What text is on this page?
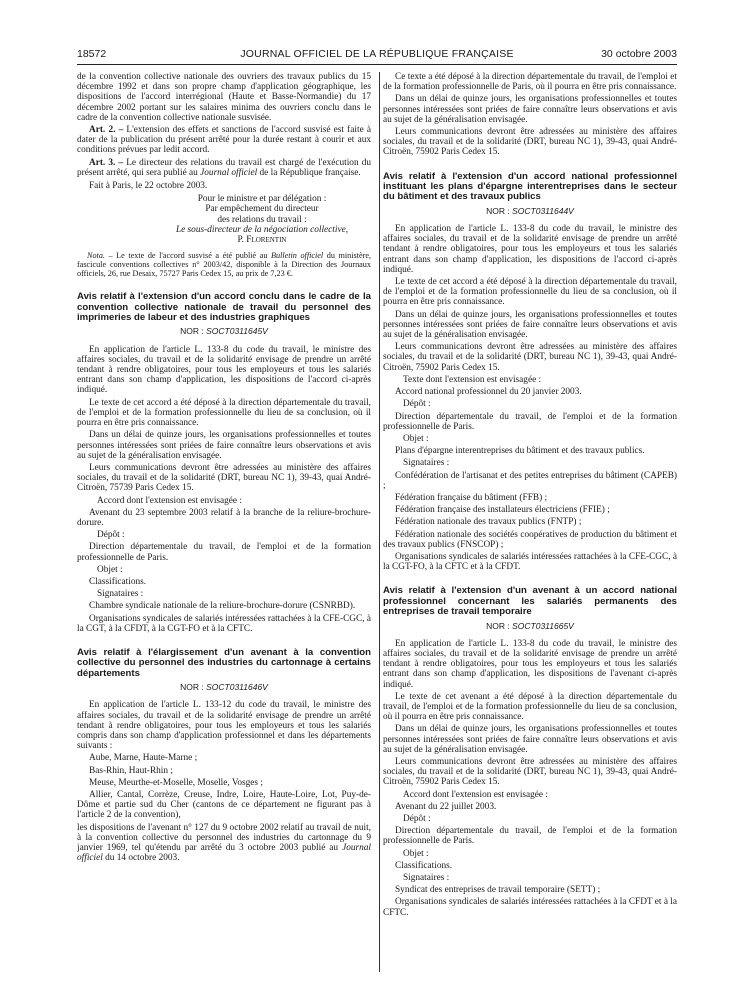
18572	JOURNAL OFFICIEL DE LA RÉPUBLIQUE FRANÇAISE	30 octobre 2003

de la convention collective nationale des ouvriers des travaux publics du 15 décembre 1992 et dans son propre champ d'application géographique, les dispositions de l'accord interrégional (Haute et Basse-Normandie) du 17 décembre 2002 portant sur les salaires minima des ouvriers conclu dans le cadre de la convention collective nationale susvisée.

Art. 2. – L'extension des effets et sanctions de l'accord susvisé est faite à dater de la publication du présent arrêté pour la durée restant à courir et aux conditions prévues par ledit accord.

Art. 3. – Le directeur des relations du travail est chargé de l'exécution du présent arrêté, qui sera publié au Journal officiel de la République française.

Fait à Paris, le 22 octobre 2003.

Pour le ministre et par délégation :

Par empêchement du directeur

des relations du travail :

Le sous-directeur de la négociation collective,

P. Florentin

Nota. – Le texte de l'accord susvisé a été publié au Bulletin officiel du ministère, fascicule conventions collectives n° 2003/42, disponible à la Direction des Journaux officiels, 26, rue Desaix, 75727 Paris Cedex 15, au prix de 7,23 €.

Avis relatif à l'extension d'un accord conclu dans le cadre de la convention collective nationale de travail du personnel des imprimeries de labeur et des industries graphiques
NOR : SOCT0311645V

En application de l'article L. 133-8 du code du travail, le ministre des affaires sociales, du travail et de la solidarité envisage de prendre un arrêté tendant à rendre obligatoires, pour tous les employeurs et tous les salariés entrant dans son champ d'application, les dispositions de l'accord ci-après indiqué.

Le texte de cet accord a été déposé à la direction départementale du travail, de l'emploi et de la formation professionnelle du lieu de sa conclusion, où il pourra en être pris connaissance.

Dans un délai de quinze jours, les organisations professionnelles et toutes personnes intéressées sont priées de faire connaître leurs observations et avis au sujet de la généralisation envisagée.

Leurs communications devront être adressées au ministère des affaires sociales, du travail et de la solidarité (DRT, bureau NC 1), 39-43, quai André-Citroën, 75739 Paris Cedex 15.

Accord dont l'extension est envisagée :

Avenant du 23 septembre 2003 relatif à la branche de la reliure-brochure-dorure.

Dépôt :

Direction départementale du travail, de l'emploi et de la formation professionnelle de Paris.

Objet :

Classifications.

Signataires :

Chambre syndicale nationale de la reliure-brochure-dorure (CSNRBD).

Organisations syndicales de salariés intéressées rattachées à la CFE-CGC, à la CGT, à la CFDT, à la CGT-FO et à la CFTC.

Avis relatif à l'élargissement d'un avenant à la convention collective du personnel des industries du cartonnage à certains départements
NOR : SOCT0311646V

En application de l'article L. 133-12 du code du travail, le ministre des affaires sociales, du travail et de la solidarité envisage de prendre un arrêté tendant à rendre obligatoires, pour tous les employeurs et tous les salariés compris dans son champ d'application professionnel et dans les départements suivants :

Aube, Marne, Haute-Marne ;

Bas-Rhin, Haut-Rhin ;

Meuse, Meurthe-et-Moselle, Moselle, Vosges ;

Allier, Cantal, Corrèze, Creuse, Indre, Loire, Haute-Loire, Lot, Puy-de-Dôme et partie sud du Cher (cantons de ce département ne figurant pas à l'article 2 de la convention),

les dispositions de l'avenant n° 127 du 9 octobre 2002 relatif au travail de nuit, à la convention collective du personnel des industries du cartonnage du 9 janvier 1969, tel qu'étendu par arrêté du 3 octobre 2003 publié au Journal officiel du 14 octobre 2003.

Ce texte a été déposé à la direction départementale du travail, de l'emploi et de la formation professionnelle de Paris, où il pourra en être pris connaissance.

Dans un délai de quinze jours, les organisations professionnelles et toutes personnes intéressées sont priées de faire connaître leurs observations et avis au sujet de la généralisation envisagée.

Leurs communications devront être adressées au ministère des affaires sociales, du travail et de la solidarité (DRT, bureau NC 1), 39-43, quai André-Citroën, 75902 Paris Cedex 15.

Avis relatif à l'extension d'un accord national professionnel instituant les plans d'épargne interentreprises dans le secteur du bâtiment et des travaux publics
NOR : SOCT0311644V

En application de l'article L. 133-8 du code du travail, le ministre des affaires sociales, du travail et de la solidarité envisage de prendre un arrêté tendant à rendre obligatoires, pour tous les employeurs et tous les salariés entrant dans son champ d'application, les dispositions de l'accord ci-après indiqué.

Le texte de cet accord a été déposé à la direction départementale du travail, de l'emploi et de la formation professionnelle du lieu de sa conclusion, où il pourra en être pris connaissance.

Dans un délai de quinze jours, les organisations professionnelles et toutes personnes intéressées sont priées de faire connaître leurs observations et avis au sujet de la généralisation envisagée.

Leurs communications devront être adressées au ministère des affaires sociales, du travail et de la solidarité (DRT, bureau NC 1), 39-43, quai André-Citroën, 75902 Paris Cedex 15.

Texte dont l'extension est envisagée :

Accord national professionnel du 20 janvier 2003.

Dépôt :

Direction départementale du travail, de l'emploi et de la formation professionnelle de Paris.

Objet :

Plans d'épargne interentreprises du bâtiment et des travaux publics.

Signataires :

Confédération de l'artisanat et des petites entreprises du bâtiment (CAPEB) ;

Fédération française du bâtiment (FFB) ;

Fédération française des installateurs électriciens (FFIE) ;

Fédération nationale des travaux publics (FNTP) ;

Fédération nationale des sociétés coopératives de production du bâtiment et des travaux publics (FNSCOP) ;

Organisations syndicales de salariés intéressées rattachées à la CFE-CGC, à la CGT-FO, à la CFTC et à la CFDT.

Avis relatif à l'extension d'un avenant à un accord national professionnel concernant les salariés permanents des entreprises de travail temporaire
NOR : SOCT0311665V

En application de l'article L. 133-8 du code du travail, le ministre des affaires sociales, du travail et de la solidarité envisage de prendre un arrêté tendant à rendre obligatoires, pour tous les employeurs et tous les salariés entrant dans son champ d'application, les dispositions de l'avenant ci-après indiqué.

Le texte de cet avenant a été déposé à la direction départementale du travail, de l'emploi et de la formation professionnelle du lieu de sa conclusion, où il pourra en être pris connaissance.

Dans un délai de quinze jours, les organisations professionnelles et toutes personnes intéressées sont priées de faire connaître leurs observations et avis au sujet de la généralisation envisagée.

Leurs communications devront être adressées au ministère des affaires sociales, du travail et de la solidarité (DRT, bureau NC 1), 39-43, quai André-Citroën, 75902 Paris Cedex 15.

Accord dont l'extension est envisagée :

Avenant du 22 juillet 2003.

Dépôt :

Direction départementale du travail, de l'emploi et de la formation professionnelle de Paris.

Objet :

Classifications.

Signataires :

Syndicat des entreprises de travail temporaire (SETT) ;

Organisations syndicales de salariés intéressées rattachées à la CFDT et à la CFTC.
